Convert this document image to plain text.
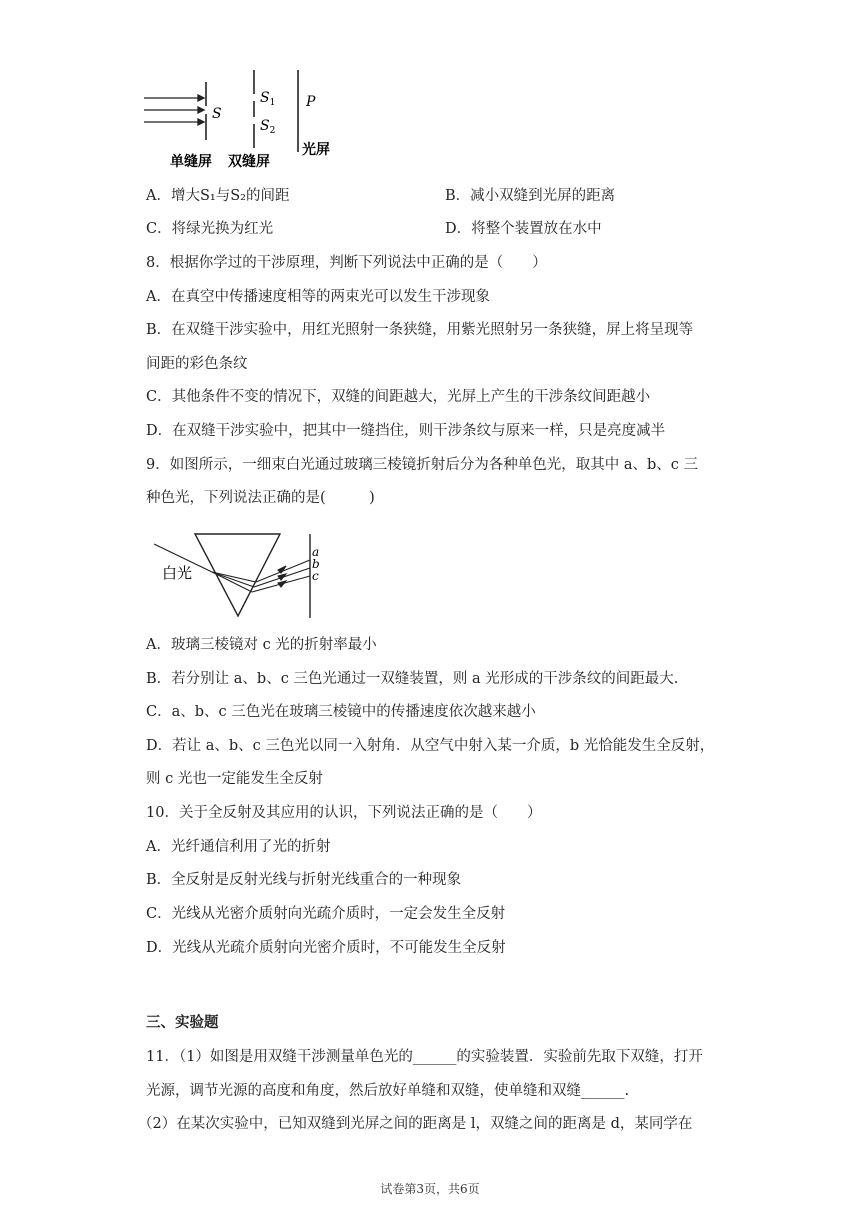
S
$S_1$
$S_2$
P
单缝屏 双缝屏
光屏
A．增大S₁与S₂的间距	B．减小双缝到光屏的距离
C．将绿光换为红光	D．将整个装置放在水中
8．根据你学过的干涉原理，判断下列说法中正确的是（　　）
A．在真空中传播速度相等的两束光可以发生干涉现象
B．在双缝干涉实验中，用红光照射一条狭缝，用紫光照射另一条狭缝，屏上将呈现等
间距的彩色条纹
C．其他条件不变的情况下，双缝的间距越大，光屏上产生的干涉条纹间距越小
D．在双缝干涉实验中，把其中一缝挡住，则干涉条纹与原来一样，只是亮度减半
9．如图所示，一细束白光通过玻璃三棱镜折射后分为各种单色光，取其中 a、b、c 三
种色光，下列说法正确的是(　　　)
白光
a
b
c
A．玻璃三棱镜对 c 光的折射率最小
B．若分别让 a、b、c 三色光通过一双缝装置，则 a 光形成的干涉条纹的间距最大.
C．a、b、c 三色光在玻璃三棱镜中的传播速度依次越来越小
D．若让 a、b、c 三色光以同一入射角．从空气中射入某一介质，b 光恰能发生全反射，
则 c 光也一定能发生全反射
10．关于全反射及其应用的认识，下列说法正确的是（　　）
A．光纤通信利用了光的折射
B．全反射是反射光线与折射光线重合的一种现象
C．光线从光密介质射向光疏介质时，一定会发生全反射
D．光线从光疏介质射向光密介质时，不可能发生全反射
三、实验题
11．（1）如图是用双缝干涉测量单色光的______的实验装置．实验前先取下双缝，打开
光源，调节光源的高度和角度，然后放好单缝和双缝，使单缝和双缝______.
（2）在某次实验中，已知双缝到光屏之间的距离是 l，双缝之间的距离是 d，某同学在
试卷第3页，共6页
